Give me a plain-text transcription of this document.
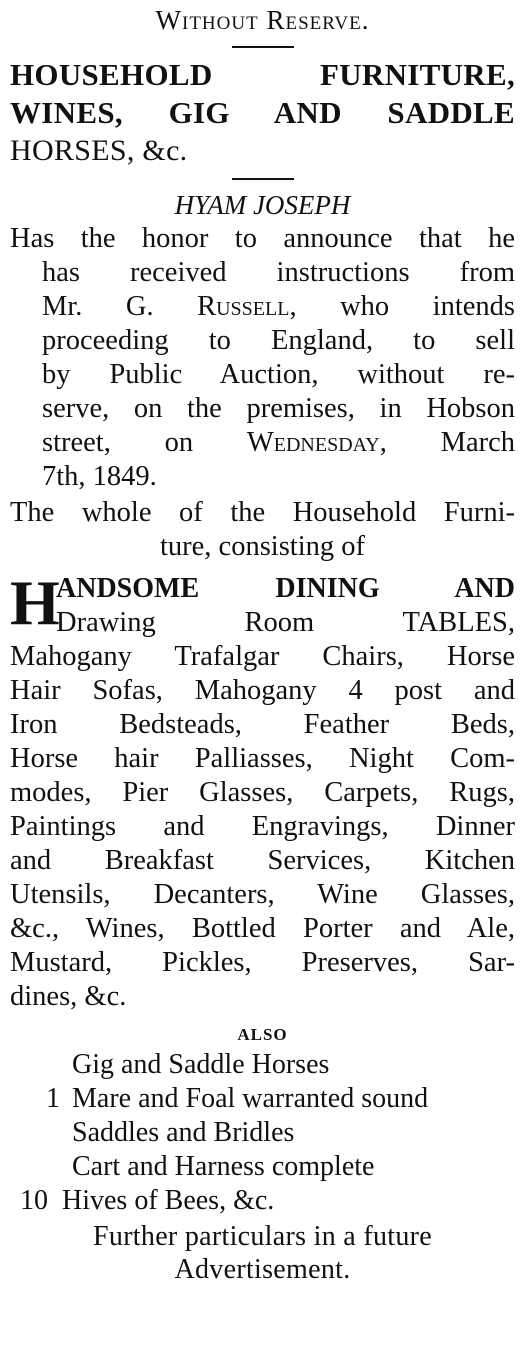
Without Reserve.
HOUSEHOLD FURNITURE,
WINES, GIG AND SADDLE
HORSES, &c.
HYAM JOSEPH
Has the honor to announce that he
has received instructions from
Mr. G. Russell, who intends
proceeding to England, to sell
by Public Auction, without re-
serve, on the premises, in Hobson
street, on Wednesday, March
7th, 1849.
The whole of the Household Furni-
ture, consisting of
H
ANDSOME DINING AND
Drawing Room TABLES,
Mahogany Trafalgar Chairs, Horse
Hair Sofas, Mahogany 4 post and
Iron Bedsteads, Feather Beds,
Horse hair Palliasses, Night Com-
modes, Pier Glasses, Carpets, Rugs,
Paintings and Engravings, Dinner
and Breakfast Services, Kitchen
Utensils, Decanters, Wine Glasses,
&c., Wines, Bottled Porter and Ale,
Mustard, Pickles, Preserves, Sar-
dines, &c.
ALSO
Gig and Saddle Horses
1 Mare and Foal warranted sound
Saddles and Bridles
Cart and Harness complete
10 Hives of Bees, &c.
Further particulars in a future
Advertisement.
